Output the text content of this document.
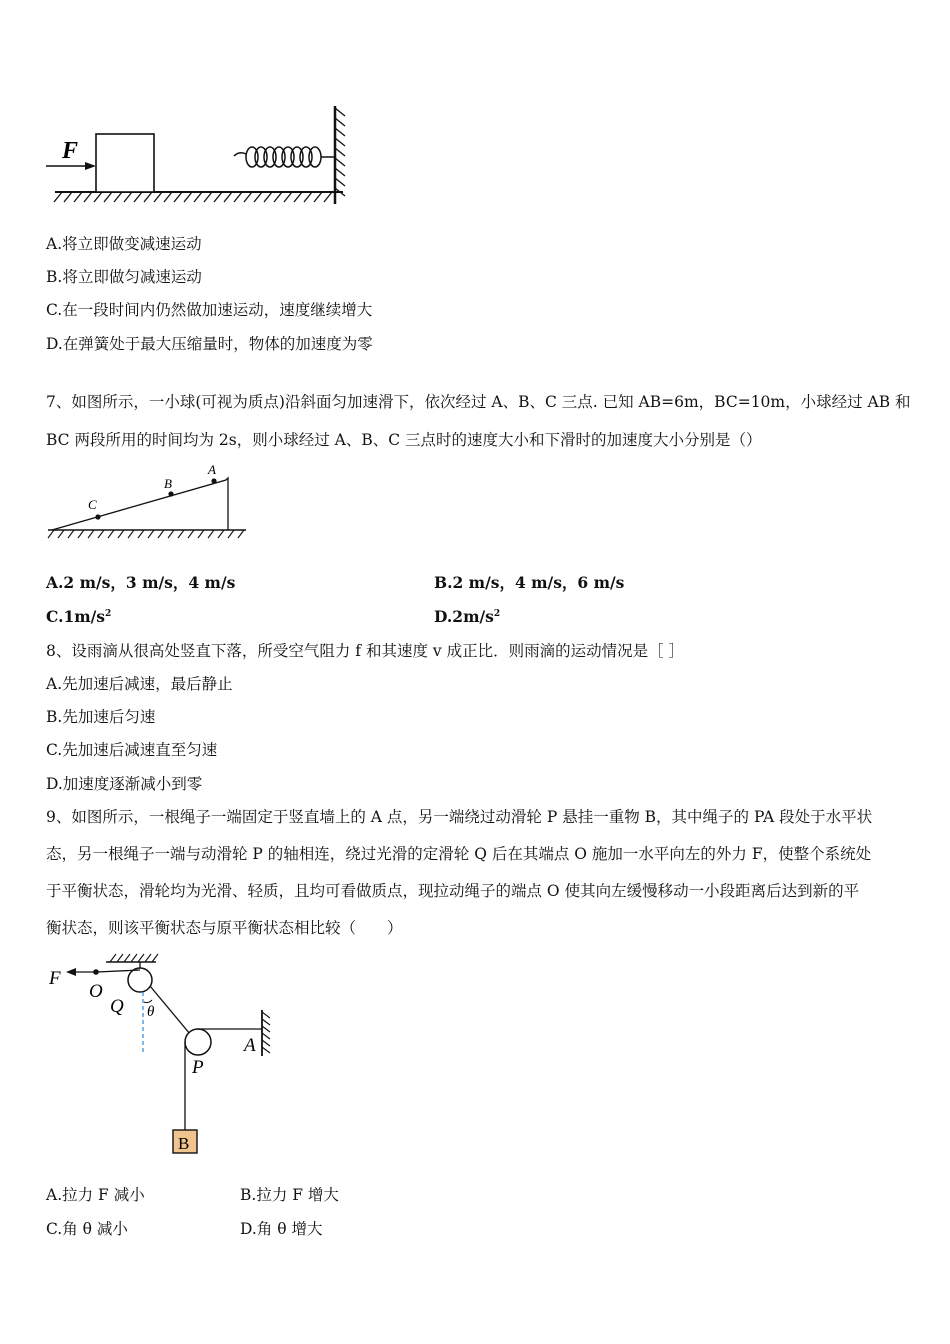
F
A.将立即做变减速运动
B.将立即做匀减速运动
C.在一段时间内仍然做加速运动，速度继续增大
D.在弹簧处于最大压缩量时，物体的加速度为零
7、如图所示，一小球(可视为质点)沿斜面匀加速滑下，依次经过 A、B、C 三点. 已知 AB=6m，BC=10m，小球经过 AB 和
BC 两段所用的时间均为 2s，则小球经过 A、B、C 三点时的速度大小和下滑时的加速度大小分别是（）
A
B
C
A.2 m/s，3 m/s，4 m/s	B.2 m/s，4 m/s，6 m/s
$C.1m/s^2$	$D.2m/s^2$
8、设雨滴从很高处竖直下落，所受空气阻力 f 和其速度 v 成正比．则雨滴的运动情况是［ ］
A.先加速后减速，最后静止
B.先加速后匀速
C.先加速后减速直至匀速
D.加速度逐渐减小到零
9、如图所示，一根绳子一端固定于竖直墙上的 A 点，另一端绕过动滑轮 P 悬挂一重物 B，其中绳子的 PA 段处于水平状
态，另一根绳子一端与动滑轮 P 的轴相连，绕过光滑的定滑轮 Q 后在其端点 O 施加一水平向左的外力 F，使整个系统处
于平衡状态，滑轮均为光滑、轻质，且均可看做质点，现拉动绳子的端点 O 使其向左缓慢移动一小段距离后达到新的平
衡状态，则该平衡状态与原平衡状态相比较（　　）
B
F
O
Q θ
P
A
A.拉力 F 减小	B.拉力 F 增大
C.角 θ 减小	D.角 θ 增大
